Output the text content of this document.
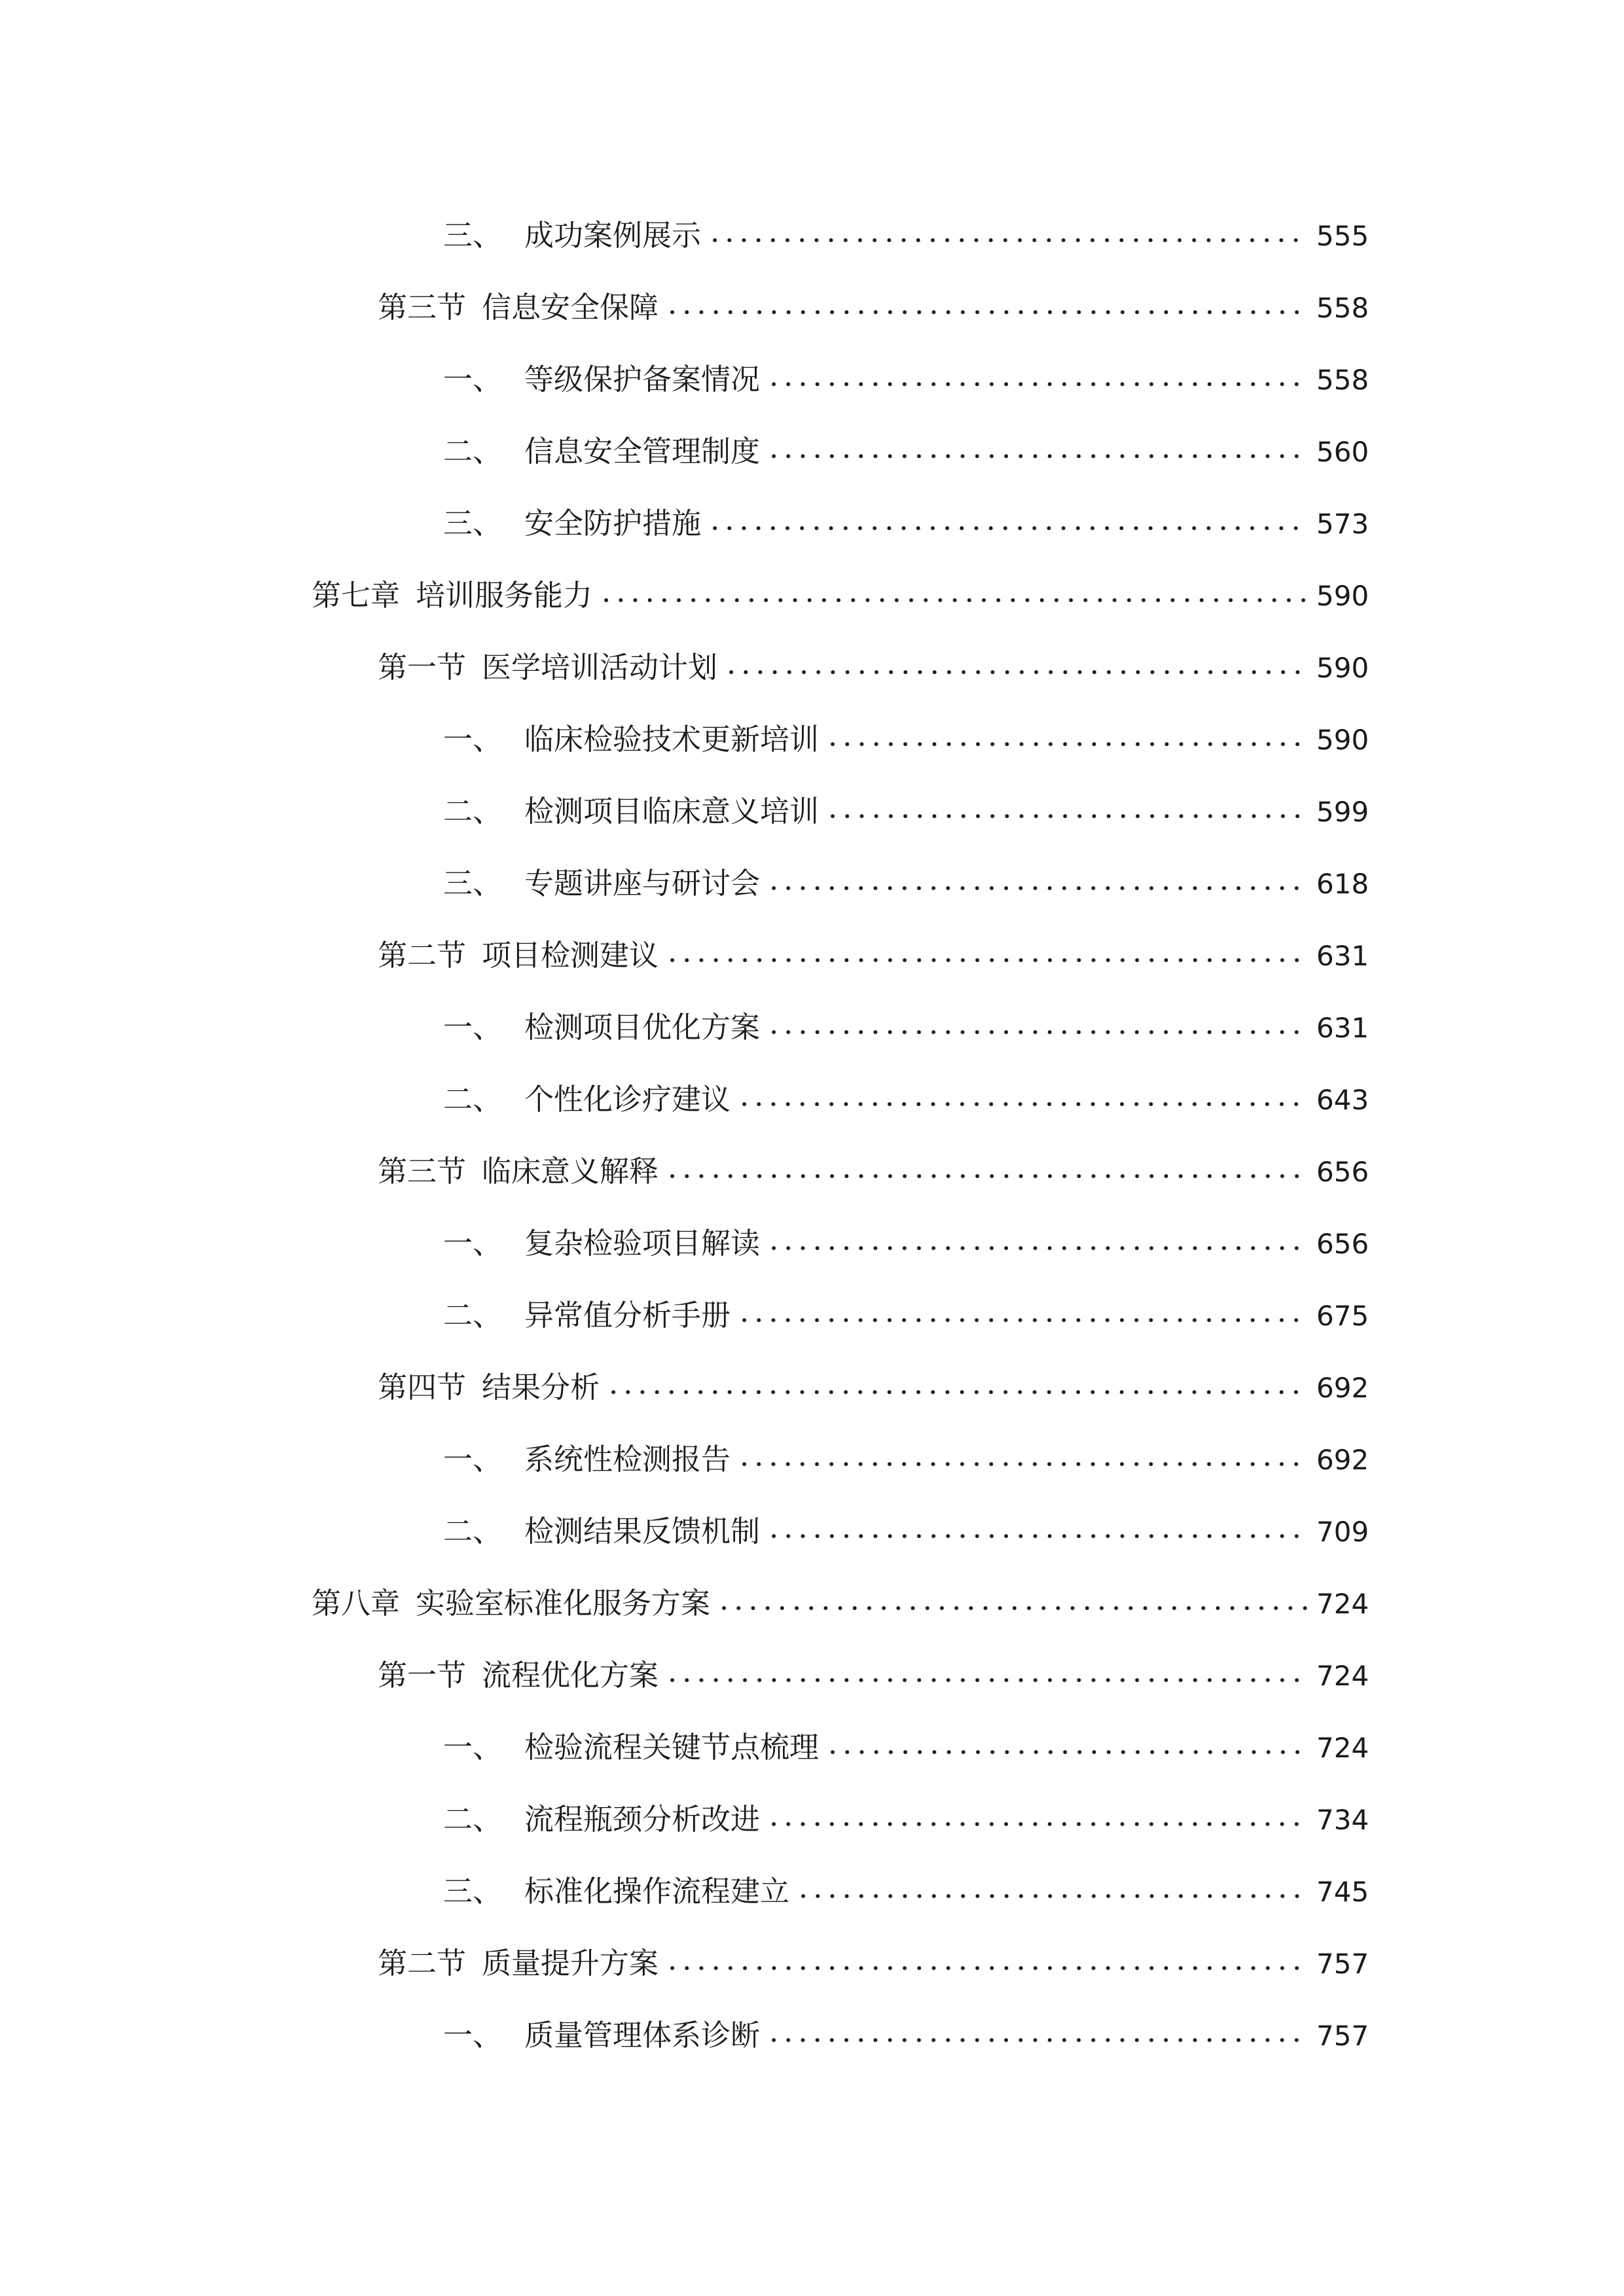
三、 成功案例展示	555
第三节 信息安全保障	558
一、 等级保护备案情况	558
二、 信息安全管理制度	560
三、 安全防护措施	573
第七章 培训服务能力	590
第一节 医学培训活动计划	590
一、 临床检验技术更新培训	590
二、 检测项目临床意义培训	599
三、 专题讲座与研讨会	618
第二节 项目检测建议	631
一、 检测项目优化方案	631
二、 个性化诊疗建议	643
第三节 临床意义解释	656
一、 复杂检验项目解读	656
二、 异常值分析手册	675
第四节 结果分析	692
一、 系统性检测报告	692
二、 检测结果反馈机制	709
第八章 实验室标准化服务方案	724
第一节 流程优化方案	724
一、 检验流程关键节点梳理	724
二、 流程瓶颈分析改进	734
三、 标准化操作流程建立	745
第二节 质量提升方案	757
一、 质量管理体系诊断	757
